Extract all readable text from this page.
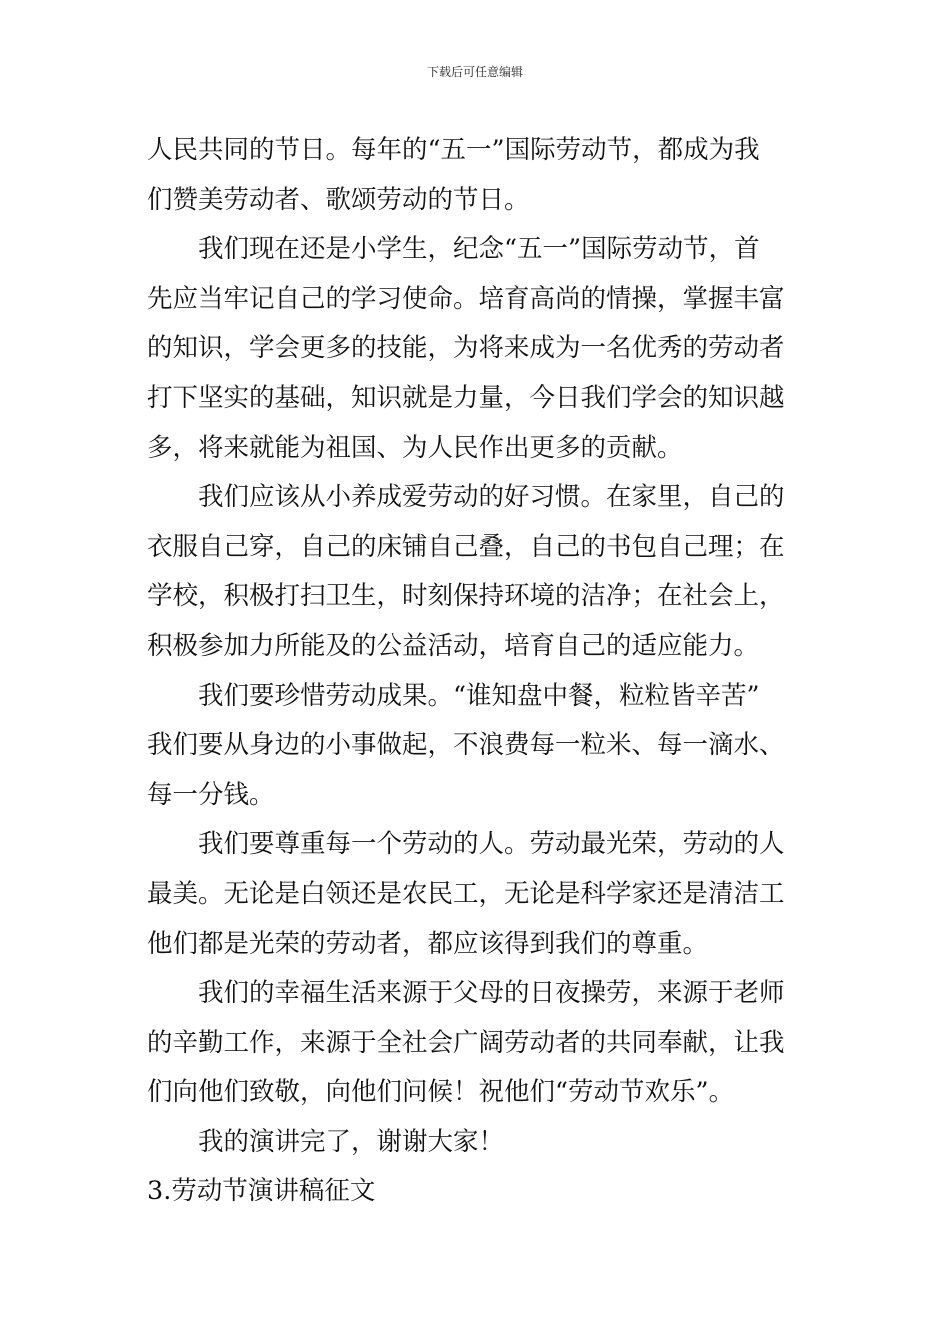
下载后可任意编辑
人民共同的节日。每年的“五一”国际劳动节，都成为我
们赞美劳动者、歌颂劳动的节日。
我们现在还是小学生，纪念“五一”国际劳动节，首
先应当牢记自己的学习使命。培育高尚的情操，掌握丰富
的知识，学会更多的技能，为将来成为一名优秀的劳动者
打下坚实的基础，知识就是力量，今日我们学会的知识越
多，将来就能为祖国、为人民作出更多的贡献。
我们应该从小养成爱劳动的好习惯。在家里，自己的
衣服自己穿，自己的床铺自己叠，自己的书包自己理；在
学校，积极打扫卫生，时刻保持环境的洁净；在社会上，
积极参加力所能及的公益活动，培育自己的适应能力。
我们要珍惜劳动成果。“谁知盘中餐，粒粒皆辛苦”
我们要从身边的小事做起，不浪费每一粒米、每一滴水、
每一分钱。
我们要尊重每一个劳动的人。劳动最光荣，劳动的人
最美。无论是白领还是农民工，无论是科学家还是清洁工
他们都是光荣的劳动者，都应该得到我们的尊重。
我们的幸福生活来源于父母的日夜操劳，来源于老师
的辛勤工作，来源于全社会广阔劳动者的共同奉献，让我
们向他们致敬，向他们问候！祝他们“劳动节欢乐”。
我的演讲完了，谢谢大家！
3.劳动节演讲稿征文
